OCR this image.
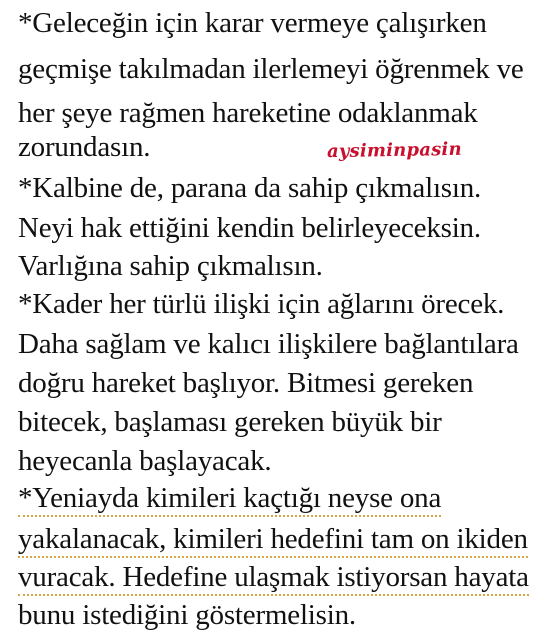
*Geleceğin için karar vermeye çalışırken
geçmişe takılmadan ilerlemeyi öğrenmek ve
her şeye rağmen hareketine odaklanmak
zorundasın.	aysiminpasin
*Kalbine de, parana da sahip çıkmalısın.
Neyi hak ettiğini kendin belirleyeceksin.
Varlığına sahip çıkmalısın.
*Kader her türlü ilişki için ağlarını örecek.
Daha sağlam ve kalıcı ilişkilere bağlantılara
doğru hareket başlıyor. Bitmesi gereken
bitecek, başlaması gereken büyük bir
heyecanla başlayacak.
*Yeniayda kimileri kaçtığı neyse ona
yakalanacak, kimileri hedefini tam on ikiden
vuracak. Hedefine ulaşmak istiyorsan hayata
bunu istediğini göstermelisin.
